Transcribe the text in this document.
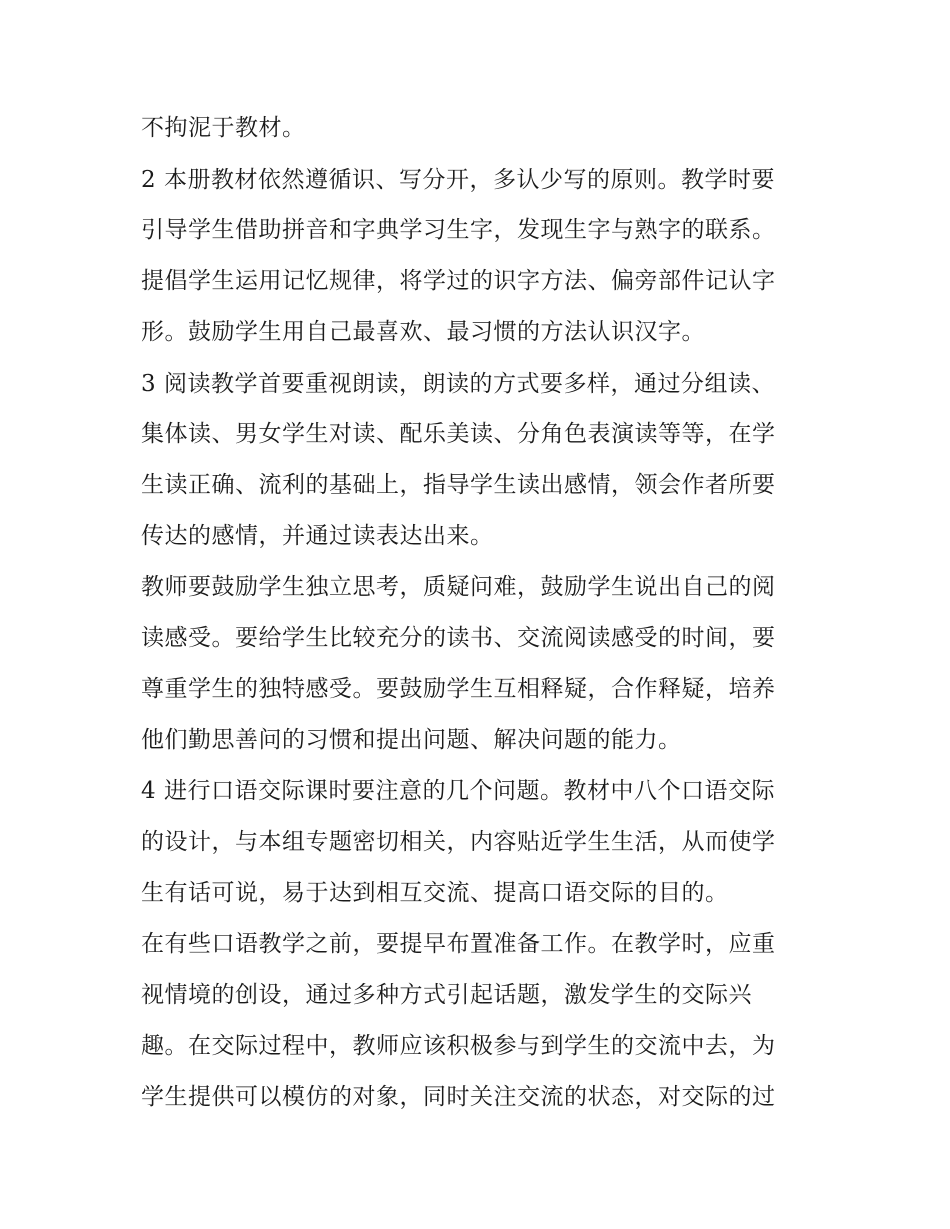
不拘泥于教材。
2 本册教材依然遵循识、写分开，多认少写的原则。教学时要
引导学生借助拼音和字典学习生字，发现生字与熟字的联系。
提倡学生运用记忆规律，将学过的识字方法、偏旁部件记认字
形。鼓励学生用自己最喜欢、最习惯的方法认识汉字。
3 阅读教学首要重视朗读，朗读的方式要多样，通过分组读、
集体读、男女学生对读、配乐美读、分角色表演读等等，在学
生读正确、流利的基础上，指导学生读出感情，领会作者所要
传达的感情，并通过读表达出来。
教师要鼓励学生独立思考，质疑问难，鼓励学生说出自己的阅
读感受。要给学生比较充分的读书、交流阅读感受的时间，要
尊重学生的独特感受。要鼓励学生互相释疑，合作释疑，培养
他们勤思善问的习惯和提出问题、解决问题的能力。
4 进行口语交际课时要注意的几个问题。教材中八个口语交际
的设计，与本组专题密切相关，内容贴近学生生活，从而使学
生有话可说，易于达到相互交流、提高口语交际的目的。
在有些口语教学之前，要提早布置准备工作。在教学时，应重
视情境的创设，通过多种方式引起话题，激发学生的交际兴
趣。在交际过程中，教师应该积极参与到学生的交流中去，为
学生提供可以模仿的对象，同时关注交流的状态，对交际的过
